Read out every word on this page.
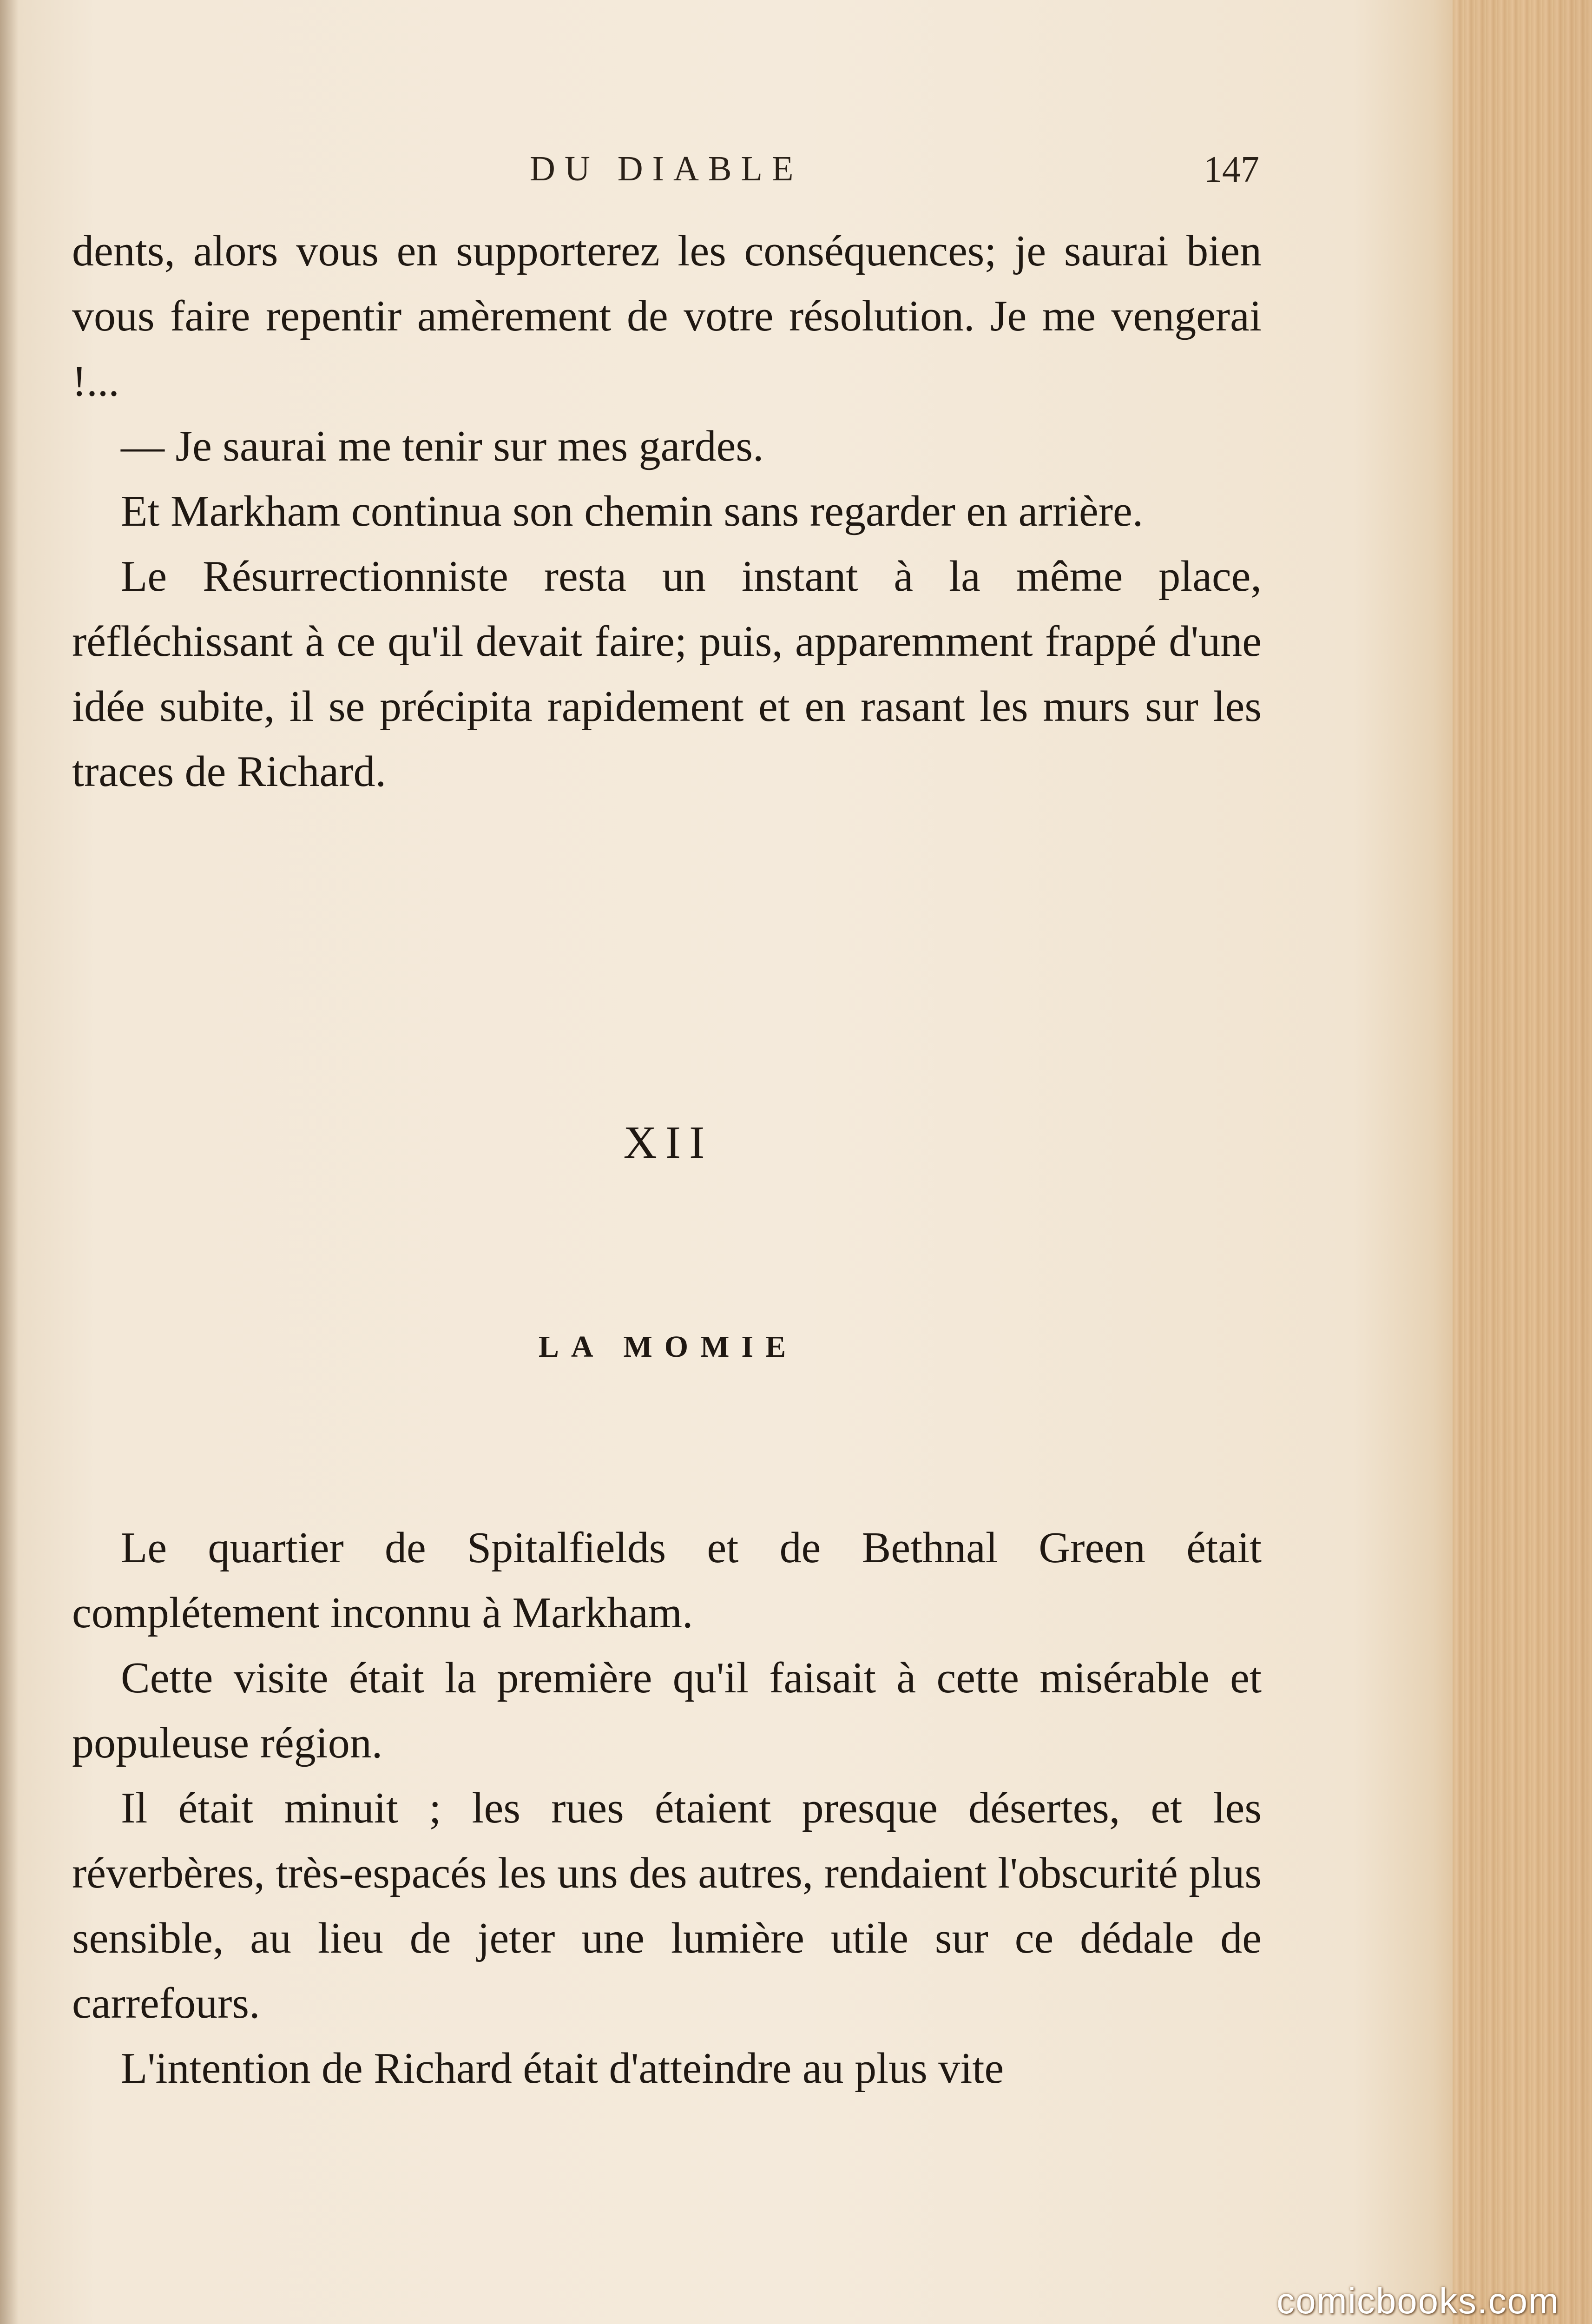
DU DIABLE	147

dents, alors vous en supporterez les conséquences; je saurai bien vous faire repentir amèrement de votre résolution. Je me vengerai !...

— Je saurai me tenir sur mes gardes.

Et Markham continua son chemin sans regarder en arrière.

Le Résurrectionniste resta un instant à la même place, réfléchissant à ce qu'il devait faire; puis, apparemment frappé d'une idée subite, il se précipita rapidement et en rasant les murs sur les traces de Richard.

XII
LA MOMIE

Le quartier de Spitalfields et de Bethnal Green était complétement inconnu à Markham.

Cette visite était la première qu'il faisait à cette misérable et populeuse région.

Il était minuit ; les rues étaient presque désertes, et les réverbères, très-espacés les uns des autres, rendaient l'obscurité plus sensible, au lieu de jeter une lumière utile sur ce dédale de carrefours.

L'intention de Richard était d'atteindre au plus vite

comicbooks.com
